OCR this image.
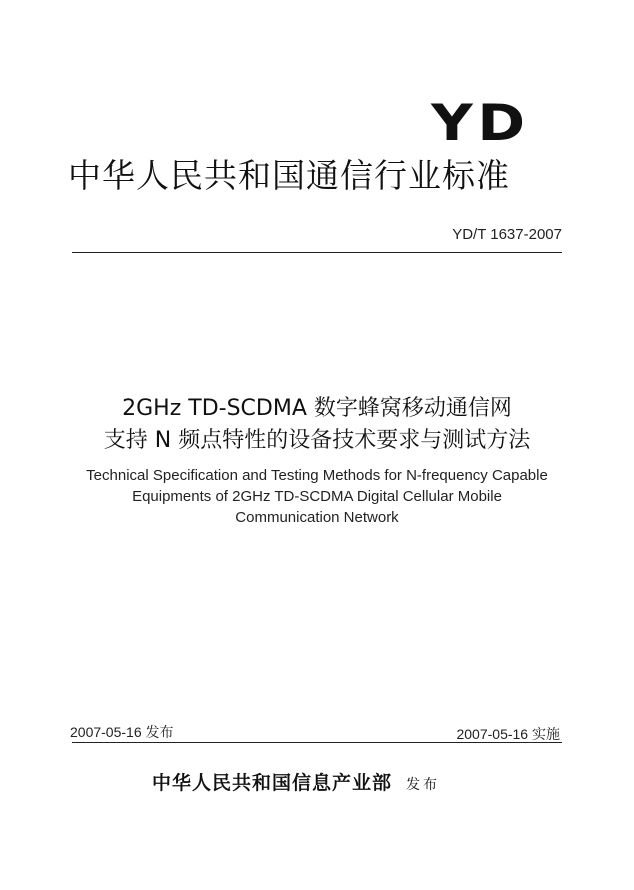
YD
中华人民共和国通信行业标准
YD/T 1637-2007
2GHz TD-SCDMA 数字蜂窝移动通信网
支持 N 频点特性的设备技术要求与测试方法
Technical Specification and Testing Methods for N-frequency Capable
Equipments of 2GHz TD-SCDMA Digital Cellular Mobile
Communication Network
2007-05-16 发布	2007-05-16 实施
中华人民共和国信息产业部 发布
